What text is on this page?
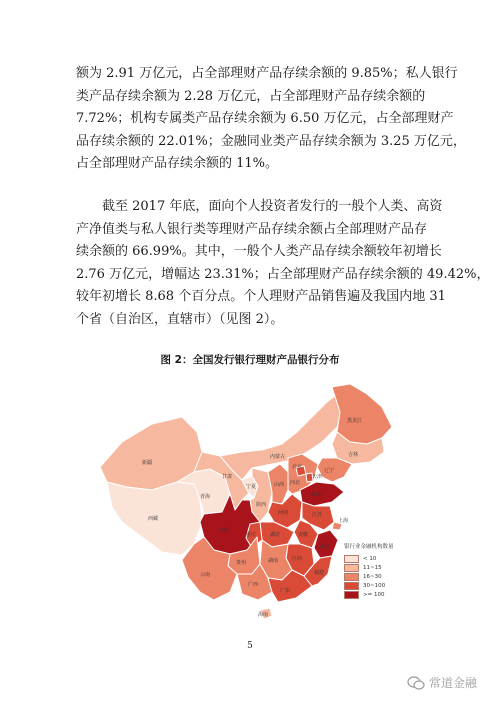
额为 2.91 万亿元，占全部理财产品存续余额的 9.85%；私人银行
类产品存续余额为 2.28 万亿元，占全部理财产品存续余额的
7.72%；机构专属类产品存续余额为 6.50 万亿元，占全部理财产
品存续余额的 22.01%；金融同业类产品存续余额为 3.25 万亿元，
占全部理财产品存续余额的 11%。

　　截至 2017 年底，面向个人投资者发行的一般个人类、高资
产净值类与私人银行类等理财产品存续余额占全部理财产品存
续余额的 66.99%。其中，一般个人类产品存续余额较年初增长
2.76 万亿元，增幅达 23.31%；占全部理财产品存续余额的 49.42%，
较年初增长 8.68 个百分点。个人理财产品销售遍及我国内地 31
个省（自治区，直辖市）（见图 2）。

图 2：全国发行银行理财产品银行分布
黑龙江
吉林
辽宁
内蒙古
新疆
青海
西藏
甘肃
宁夏
陕西
山西 河北
北京
天津
山东
河南	江苏
安徽
上海
湖北
四川
重庆
浙江
湖南	江西
贵州
云南
广西
广东
福建
海南
银行业金融机构数量
< 10
11~15
16~30
30~100
>= 100
5
常道金融
